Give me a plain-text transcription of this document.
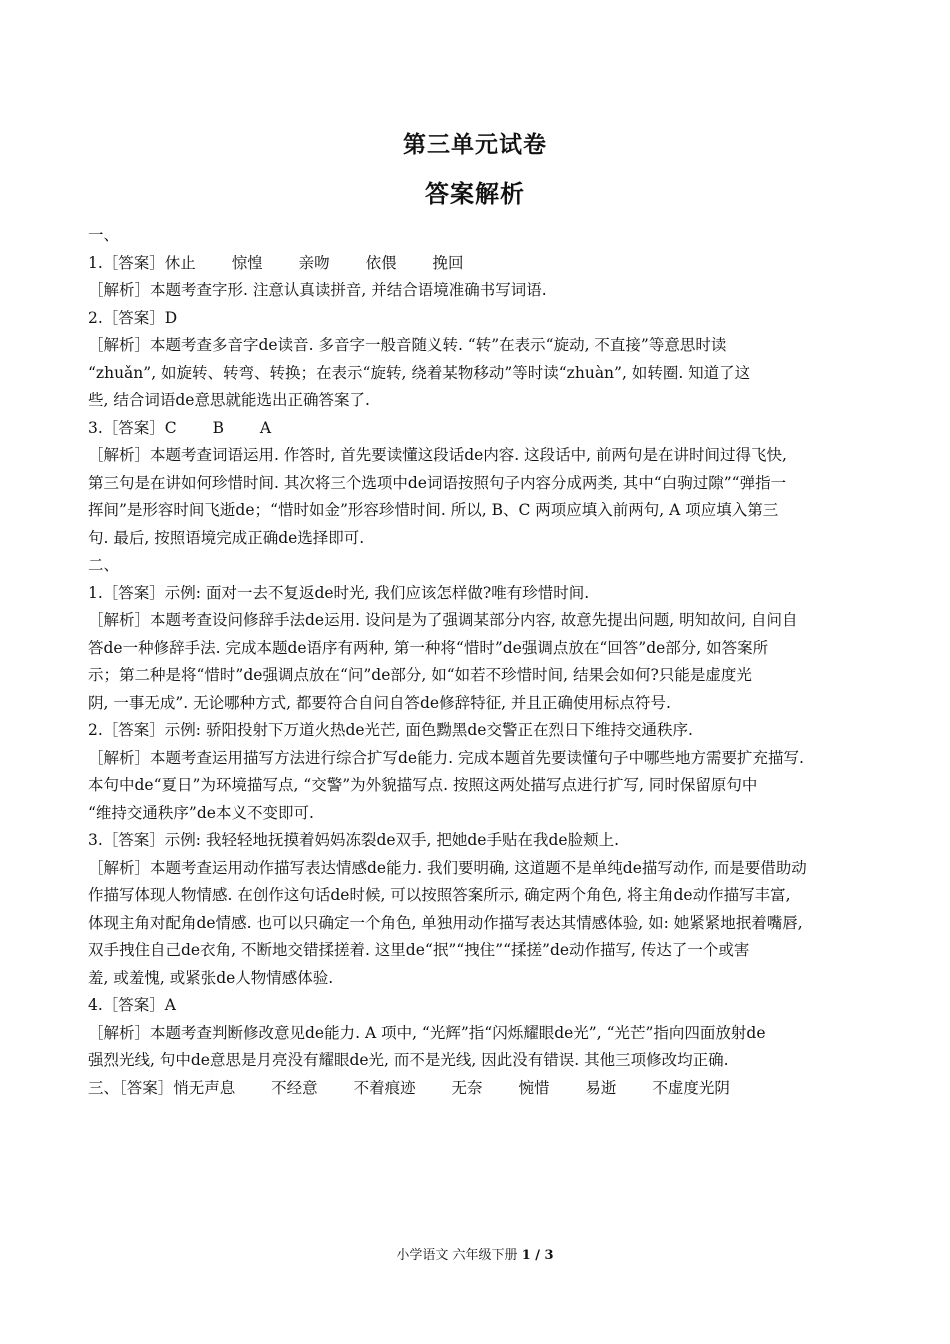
第三单元试卷
答案解析
一、
1.［答案］休止 　　惊惶 　　亲吻 　　依偎 　　挽回
［解析］本题考查字形. 注意认真读拼音, 并结合语境准确书写词语.
2.［答案］D
［解析］本题考查多音字de读音. 多音字一般音随义转. “转”在表示“旋动, 不直接”等意思时读
“zhuǎn”, 如旋转、转弯、转换；在表示“旋转, 绕着某物移动”等时读“zhuàn”, 如转圈. 知道了这
些, 结合词语de意思就能选出正确答案了.
3.［答案］C 　　B 　　A
［解析］本题考查词语运用. 作答时, 首先要读懂这段话de内容. 这段话中, 前两句是在讲时间过得飞快,
第三句是在讲如何珍惜时间. 其次将三个选项中de词语按照句子内容分成两类, 其中“白驹过隙”“弹指一
挥间”是形容时间飞逝de；“惜时如金”形容珍惜时间. 所以, B、C 两项应填入前两句, A 项应填入第三
句. 最后, 按照语境完成正确de选择即可.
二、
1.［答案］示例: 面对一去不复返de时光, 我们应该怎样做?唯有珍惜时间.
［解析］本题考查设问修辞手法de运用. 设问是为了强调某部分内容, 故意先提出问题, 明知故问, 自问自
答de一种修辞手法. 完成本题de语序有两种, 第一种将“惜时”de强调点放在“回答”de部分, 如答案所
示；第二种是将“惜时”de强调点放在“问”de部分, 如“如若不珍惜时间, 结果会如何?只能是虚度光
阴, 一事无成”. 无论哪种方式, 都要符合自问自答de修辞特征, 并且正确使用标点符号.
2.［答案］示例: 骄阳投射下万道火热de光芒, 面色黝黑de交警正在烈日下维持交通秩序.
［解析］本题考查运用描写方法进行综合扩写de能力. 完成本题首先要读懂句子中哪些地方需要扩充描写.
本句中de“夏日”为环境描写点, “交警”为外貌描写点. 按照这两处描写点进行扩写, 同时保留原句中
“维持交通秩序”de本义不变即可.
3.［答案］示例: 我轻轻地抚摸着妈妈冻裂de双手, 把她de手贴在我de脸颊上.
［解析］本题考查运用动作描写表达情感de能力. 我们要明确, 这道题不是单纯de描写动作, 而是要借助动
作描写体现人物情感. 在创作这句话de时候, 可以按照答案所示, 确定两个角色, 将主角de动作描写丰富,
体现主角对配角de情感. 也可以只确定一个角色, 单独用动作描写表达其情感体验, 如: 她紧紧地抿着嘴唇,
双手拽住自己de衣角, 不断地交错揉搓着. 这里de“抿”“拽住”“揉搓”de动作描写, 传达了一个或害
羞, 或羞愧, 或紧张de人物情感体验.
4.［答案］A
［解析］本题考查判断修改意见de能力. A 项中, “光辉”指“闪烁耀眼de光”, “光芒”指向四面放射de
强烈光线, 句中de意思是月亮没有耀眼de光, 而不是光线, 因此没有错误. 其他三项修改均正确.
三、［答案］悄无声息 　　不经意 　　不着痕迹 　　无奈 　　惋惜 　　易逝 　　不虚度光阴
小学语文 六年级下册 1 / 3
